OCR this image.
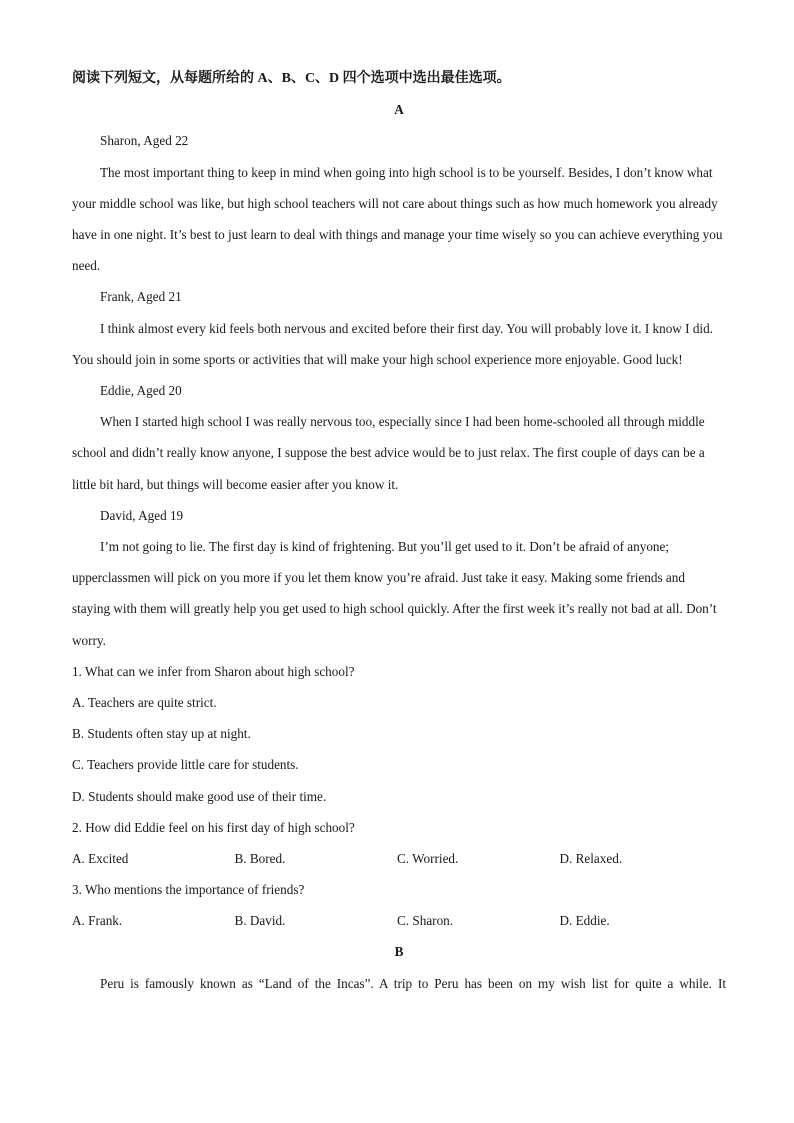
阅读下列短文，从每题所给的 A、B、C、D 四个选项中选出最佳选项。
A
Sharon, Aged 22
The most important thing to keep in mind when going into high school is to be yourself. Besides, I don’t know what your middle school was like, but high school teachers will not care about things such as how much homework you already have in one night. It’s best to just learn to deal with things and manage your time wisely so you can achieve everything you need.
Frank, Aged 21
I think almost every kid feels both nervous and excited before their first day. You will probably love it. I know I did. You should join in some sports or activities that will make your high school experience more enjoyable. Good luck!
Eddie, Aged 20
When I started high school I was really nervous too, especially since I had been home-schooled all through middle school and didn’t really know anyone, I suppose the best advice would be to just relax. The first couple of days can be a little bit hard, but things will become easier after you know it.
David, Aged 19
I’m not going to lie. The first day is kind of frightening. But you’ll get used to it. Don’t be afraid of anyone; upperclassmen will pick on you more if you let them know you’re afraid. Just take it easy. Making some friends and staying with them will greatly help you get used to high school quickly. After the first week it’s really not bad at all. Don’t worry.
1. What can we infer from Sharon about high school?
A. Teachers are quite strict.
B. Students often stay up at night.
C. Teachers provide little care for students.
D. Students should make good use of their time.
2. How did Eddie feel on his first day of high school?
A. Excited	B. Bored.	C. Worried.	D. Relaxed.
3. Who mentions the importance of friends?
A. Frank.	B. David.	C. Sharon.	D. Eddie.
B
Peru is famously known as “Land of the Incas”. A trip to Peru has been on my wish list for quite a while. It
